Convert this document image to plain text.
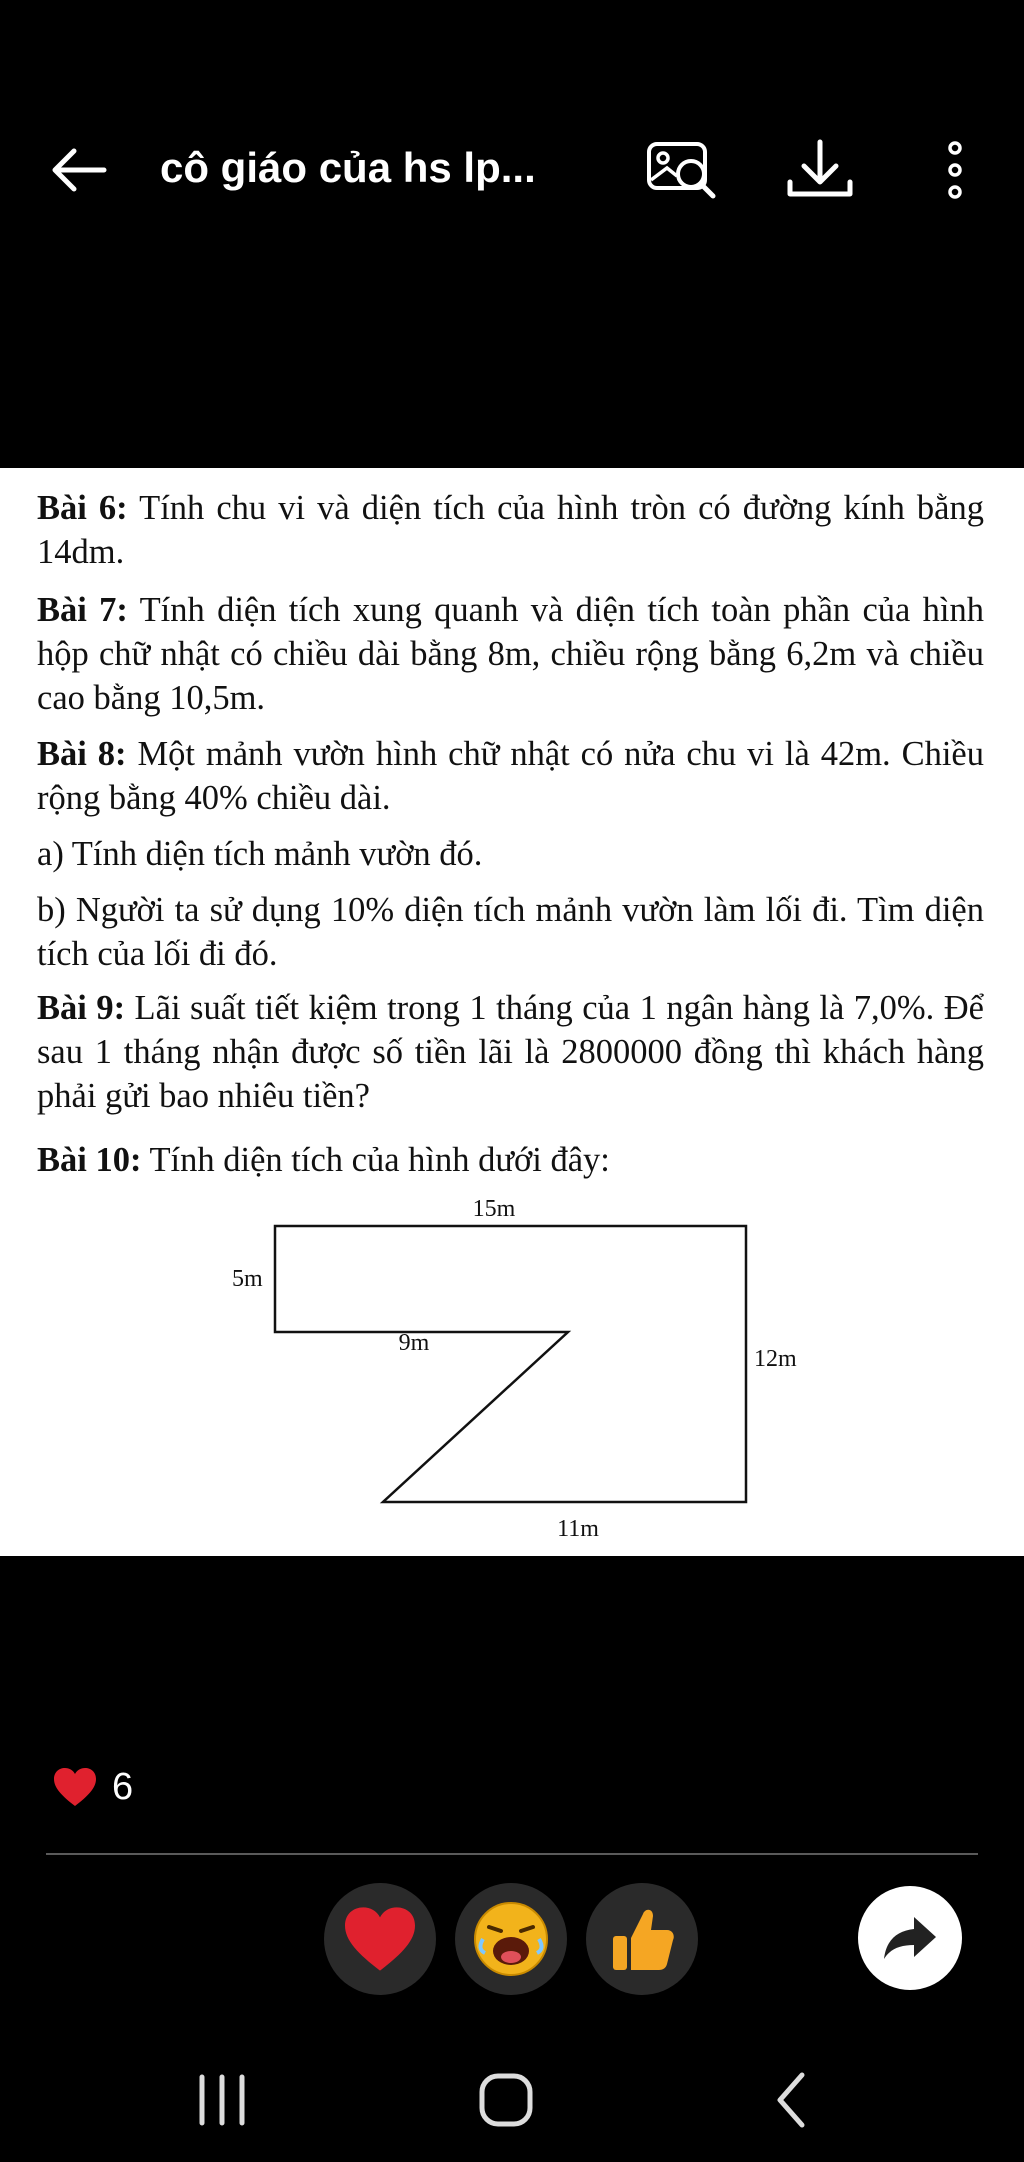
cô giáo của hs lp...

Bài 6: Tính chu vi và diện tích của hình tròn có đường kính bằng 14dm.

Bài 7: Tính diện tích xung quanh và diện tích toàn phần của hình hộp chữ nhật có chiều dài bằng 8m, chiều rộng bằng 6,2m và chiều cao bằng 10,5m.

Bài 8: Một mảnh vườn hình chữ nhật có nửa chu vi là 42m. Chiều rộng bằng 40% chiều dài.

a) Tính diện tích mảnh vườn đó.

b) Người ta sử dụng 10% diện tích mảnh vườn làm lối đi. Tìm diện tích của lối đi đó.

Bài 9: Lãi suất tiết kiệm trong 1 tháng của 1 ngân hàng là 7,0%. Để sau 1 tháng nhận được số tiền lãi là 2800000 đồng thì khách hàng phải gửi bao nhiêu tiền?

Bài 10: Tính diện tích của hình dưới đây:

15m
5m
9m
12m
11m
6
